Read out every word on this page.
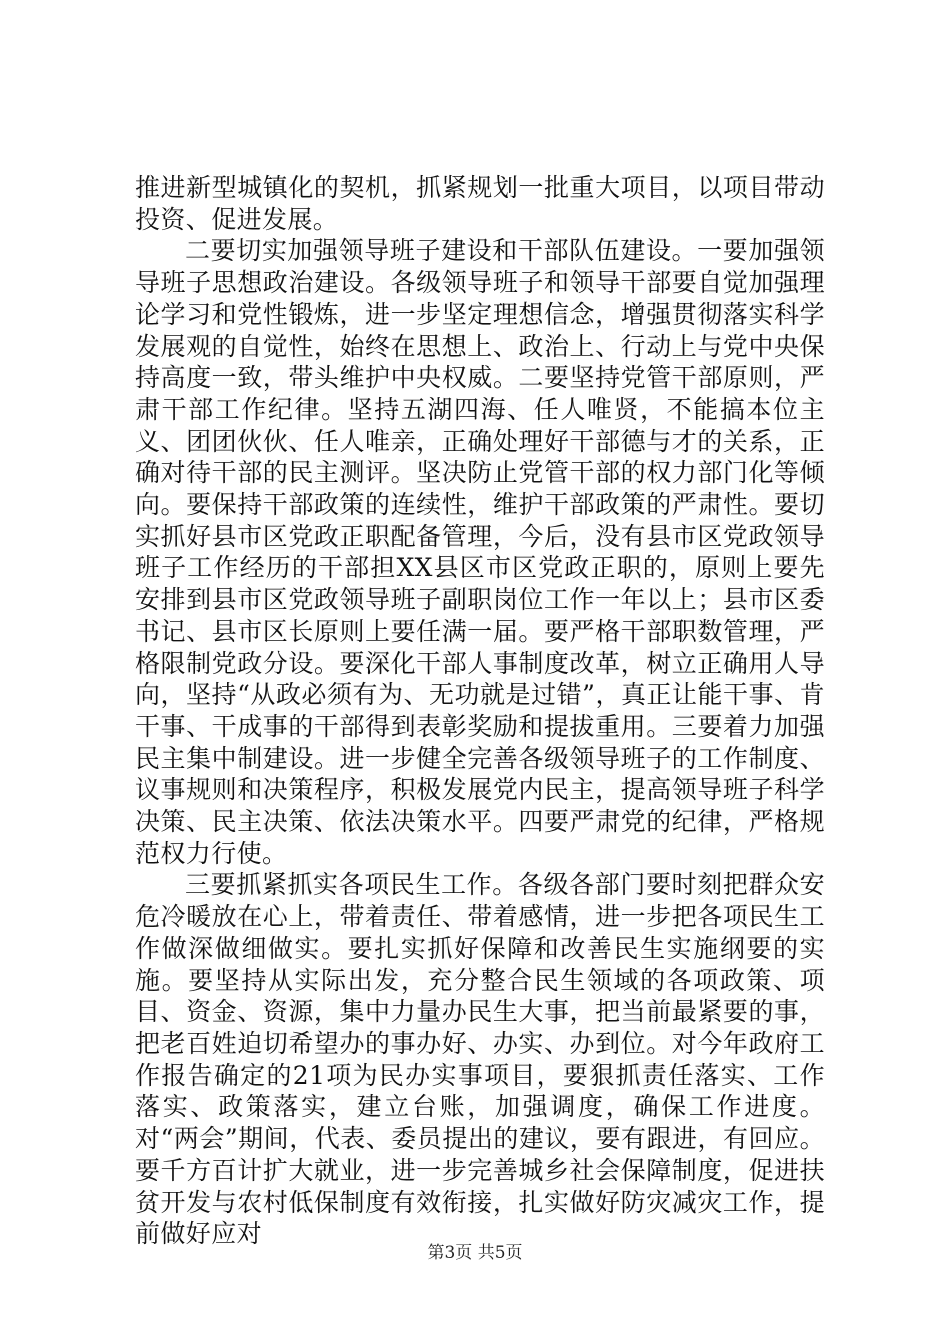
推进新型城镇化的契机，抓紧规划一批重大项目，以项目带动投资、促进发展。

二要切实加强领导班子建设和干部队伍建设。一要加强领导班子思想政治建设。各级领导班子和领导干部要自觉加强理论学习和党性锻炼，进一步坚定理想信念，增强贯彻落实科学发展观的自觉性，始终在思想上、政治上、行动上与党中央保持高度一致，带头维护中央权威。二要坚持党管干部原则，严肃干部工作纪律。坚持五湖四海、任人唯贤，不能搞本位主义、团团伙伙、任人唯亲，正确处理好干部德与才的关系，正确对待干部的民主测评。坚决防止党管干部的权力部门化等倾向。要保持干部政策的连续性，维护干部政策的严肃性。要切实抓好县市区党政正职配备管理，今后，没有县市区党政领导班子工作经历的干部担XX县区市区党政正职的，原则上要先安排到县市区党政领导班子副职岗位工作一年以上；县市区委书记、县市区长原则上要任满一届。要严格干部职数管理，严格限制党政分设。要深化干部人事制度改革，树立正确用人导向，坚持“从政必须有为、无功就是过错”，真正让能干事、肯干事、干成事的干部得到表彰奖励和提拔重用。三要着力加强民主集中制建设。进一步健全完善各级领导班子的工作制度、议事规则和决策程序，积极发展党内民主，提高领导班子科学决策、民主决策、依法决策水平。四要严肃党的纪律，严格规范权力行使。

三要抓紧抓实各项民生工作。各级各部门要时刻把群众安危冷暖放在心上，带着责任、带着感情，进一步把各项民生工作做深做细做实。要扎实抓好保障和改善民生实施纲要的实施。要坚持从实际出发，充分整合民生领域的各项政策、项目、资金、资源，集中力量办民生大事，把当前最紧要的事，把老百姓迫切希望办的事办好、办实、办到位。对今年政府工作报告确定的21项为民办实事项目，要狠抓责任落实、工作落实、政策落实，建立台账，加强调度，确保工作进度。对“两会”期间，代表、委员提出的建议，要有跟进，有回应。要千方百计扩大就业，进一步完善城乡社会保障制度，促进扶贫开发与农村低保制度有效衔接，扎实做好防灾减灾工作，提前做好应对

第3页 共5页
